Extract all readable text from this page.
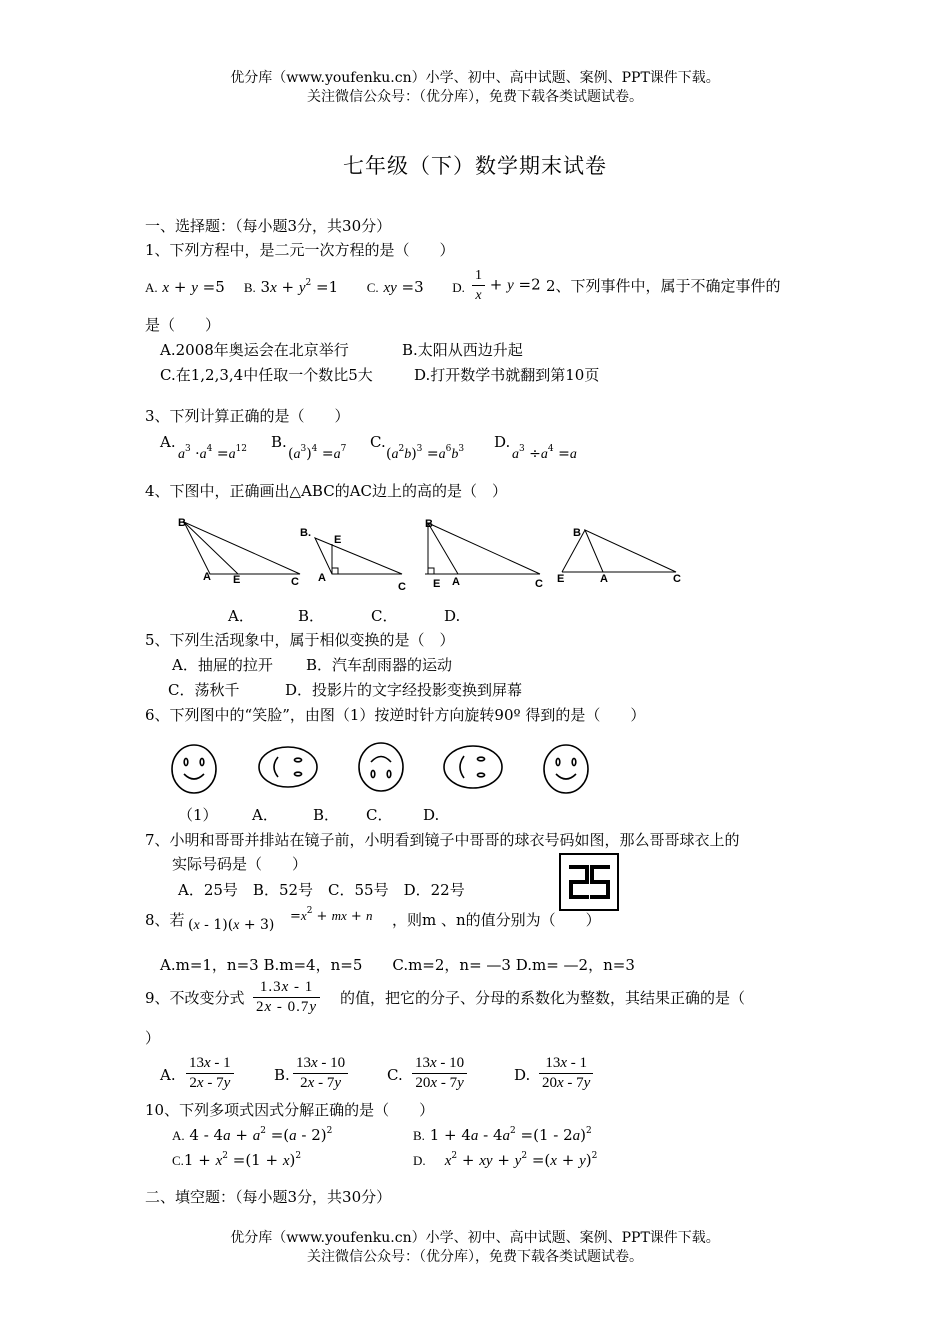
优分库（www.youfenku.cn）小学、初中、高中试题、案例、PPT课件下载。
关注微信公众号：（优分库），免费下载各类试题试卷。
七年级（下）数学期末试卷
一、选择题：（每小题3分，共30分）
1、下列方程中，是二元一次方程的是（　　）
A. x + y =5    B. $3x + y^2 =1$      C. xy =3      D. $\frac{1}{x} + y =2$ 2、下列事件中，属于不确定事件的
是（　　）
A.2008年奥运会在北京举行	B.太阳从西边升起
C.在1,2,3,4中任取一个数比5大	D.打开数学书就翻到第10页
3、下列计算正确的是（　　）
A.
$a^3 \cdot a^4 =a^{12}$ B.
$(a^3)^4 =a^7$ C.
$(a^2b)^3 =a^6b^3$ D.
$a^3 \div a^4 =a$
4、下图中，正确画出△ABC的AC边上的高的是（　）
B
A E	C
B.
E
A
C
B
E A	C
B
E	A	C
A．	B．	C．	D.
5、下列生活现象中，属于相似变换的是（　）
A．抽屉的拉开 B．汽车刮雨器的运动
C．荡秋千	D．投影片的文字经投影变换到屏幕
6、下列图中的“笑脸”，由图（1）按逆时针方向旋转90º 得到的是（　　）
（1） A． B． C． D.
7、小明和哥哥并排站在镜子前，小明看到镜子中哥哥的球衣号码如图，那么哥哥球衣上的
实际号码是（　　）
A．25号　B．52号　C．55号　D．22号
8、若 (x - 1)(x + 3)
$=x^2$ + mx + n ，则m 、n的值分别为（　　）
A.m=1，n=3 B.m=4，n=5　　C.m=2，n= —3 D.m= —2，n=3
9、不改变分式 $\frac{1.3x - 1}{2x - 0.7y}$ 的值，把它的分子、分母的系数化为整数，其结果正确的是（
）
A. $\frac{13x - 1}{2x - 7y}$	B. $\frac{13x - 10}{2x - 7y}$	C. $\frac{13x - 10}{20x - 7y}$	D. $\frac{13x - 1}{20x - 7y}$
10、下列多项式因式分解正确的是（　　）
A. $4 - 4a + a^2 =(a - 2)^2$	B. $1 + 4a - 4a^2 =(1 - 2a)^2$
$C.1 + x^2 =(1 + x)^2$	D. $x^2$ + xy + $y^2 =(x + y)^2$
二、填空题：（每小题3分，共30分）
优分库（www.youfenku.cn）小学、初中、高中试题、案例、PPT课件下载。
关注微信公众号：（优分库），免费下载各类试题试卷。
